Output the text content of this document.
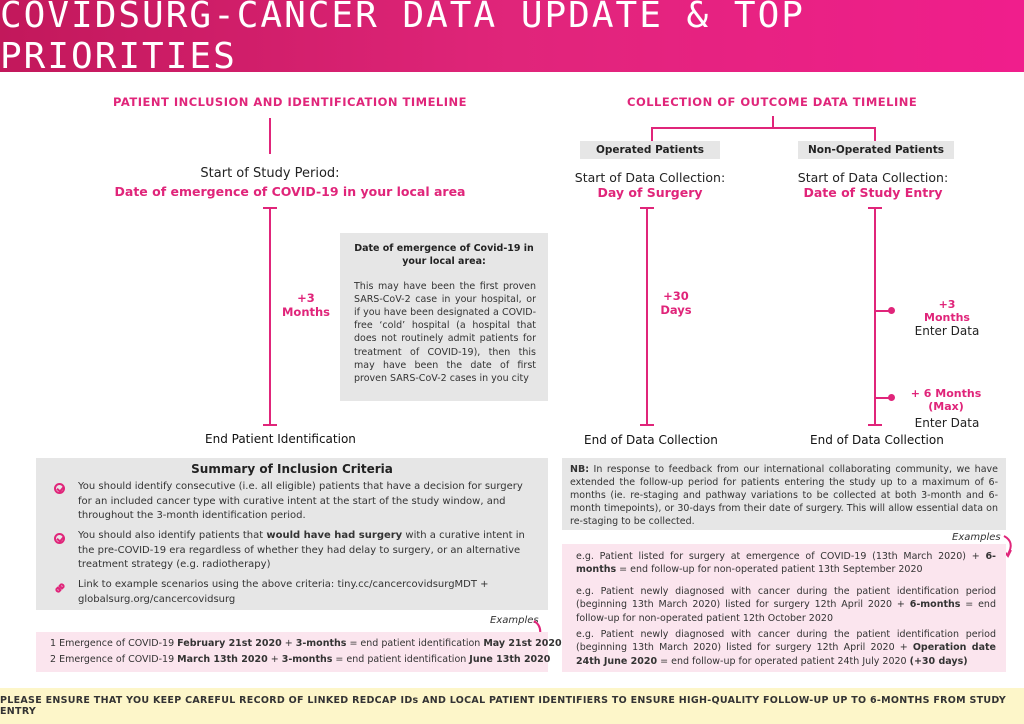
COVIDSURG-CANCER DATA UPDATE & TOP PRIORITIES
PATIENT INCLUSION AND IDENTIFICATION TIMELINE
Start of Study Period:
Date of emergence of COVID-19 in your local area
+3
Months
Date of emergence of Covid-19 in your local area:
This may have been the first proven SARS-CoV-2 case in your hospital, or if you have been designated a COVID-free ‘cold’ hospital (a hospital that does not routinely admit patients for treatment of COVID-19), then this may have been the date of first proven SARS-CoV-2 cases in you city
End Patient Identification
COLLECTION OF OUTCOME DATA TIMELINE
Operated Patients	Non-Operated Patients
Start of Data Collection:
Day of Surgery
+30
Days
End of Data Collection
Start of Data Collection:
Date of Study Entry
+3
Months
Enter Data
+ 6 Months
(Max)
Enter Data
End of Data Collection
Summary of Inclusion Criteria
You should identify consecutive (i.e. all eligible) patients that have a decision for surgery for an included cancer type with curative intent at the start of the study window, and throughout the 3-month identification period.
You should also identify patients that would have had surgery with a curative intent in the pre-COVID-19 era regardless of whether they had delay to surgery, or an alternative treatment strategy (e.g. radiotherapy)
Link to example scenarios using the above criteria: tiny.cc/cancercovidsurgMDT + globalsurg.org/cancercovidsurg
Examples
1 Emergence of COVID-19 February 21st 2020 + 3-months = end patient identification May 21st 2020
2 Emergence of COVID-19 March 13th 2020 + 3-months = end patient identification June 13th 2020
NB: In response to feedback from our international collaborating community, we have extended the follow-up period for patients entering the study up to a maximum of 6-months (ie. re-staging and pathway variations to be collected at both 3-month and 6-month timepoints), or 30-days from their date of surgery. This will allow essential data on re-staging to be collected.
Examples
e.g. Patient listed for surgery at emergence of COVID-19 (13th March 2020) + 6-months = end follow-up for non-operated patient 13th September 2020
e.g. Patient newly diagnosed with cancer during the patient identification period (beginning 13th March 2020) listed for surgery 12th April 2020 + 6-months = end follow-up for non-operated patient 12th October 2020
e.g. Patient newly diagnosed with cancer during the patient identification period (beginning 13th March 2020) listed for surgery 12th April 2020 + Operation date 24th June 2020 = end follow-up for operated patient 24th July 2020 (+30 days)
PLEASE ENSURE THAT YOU KEEP CAREFUL RECORD OF LINKED REDCAP IDs AND LOCAL PATIENT IDENTIFIERS TO ENSURE HIGH-QUALITY FOLLOW-UP UP TO 6-MONTHS FROM STUDY ENTRY
